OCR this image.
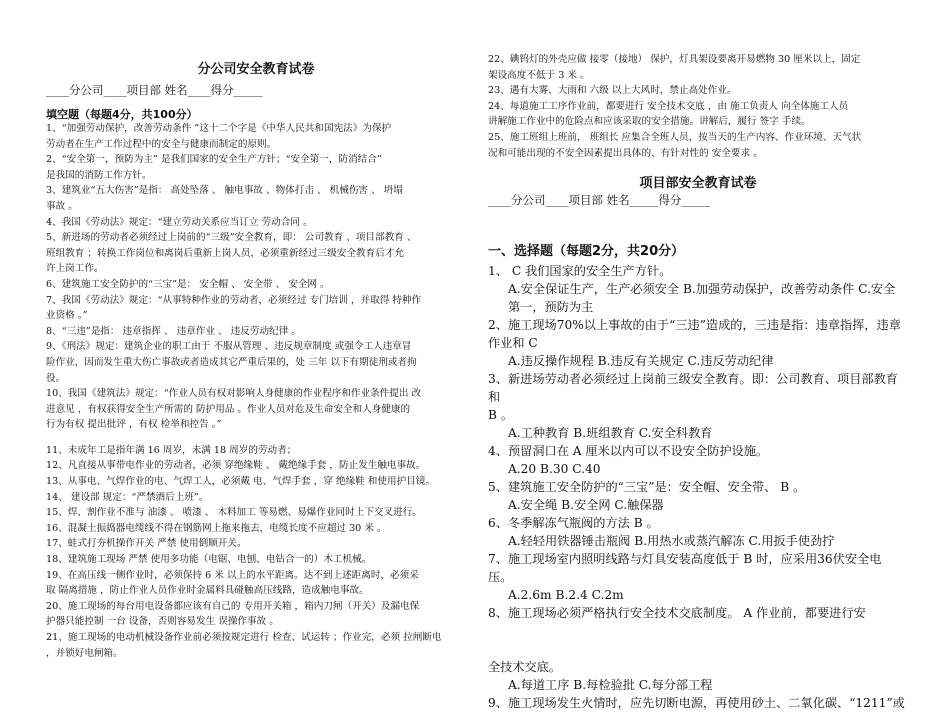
分公司安全教育试卷

____分公司____项目部 姓名____得分_____

填空题（每题4分，共100分）

1、“加强劳动保护，改善劳动条件 ”这十二个字是《中华人民共和国宪法》为保护

劳动者在生产工作过程中的安全与健康而制定的原则。

2、“安全第一，预防为主” 是我们国家的安全生产方针；“安全第一，防消结合”

是我国的消防工作方针。

3、建筑业“五大伤害”是指： 高处坠落 、 触电事故 、物体打击 、 机械伤害 、 坍塌

事故 。

4、我国《劳动法》规定：“建立劳动关系应当订立 劳动合同 。

5、新进场的劳动者必须经过上岗前的“三级”安全教育，即： 公司教育 、项目部教育 、

班组教育 ；转换工作岗位和离岗后重新上岗人员，必须重新经过三级安全教育后才允

许上岗工作。

6、建筑施工安全防护的“三宝”是： 安全帽 、 安全带 、 安全网 。

7、我国《劳动法》规定：“从事特种作业的劳动者，必须经过 专门培训 ，并取得 特种作

业资格 。”

8、“三违”是指： 违章指挥 、 违章作业 、 违反劳动纪律 。

9、《刑法》规定：建筑企业的职工由于 不服从管理 、违反规章制度 或强令工人违章冒

险作业，因而发生重大伤亡事故或者造成其它严重后果的，处 三年 以下有期徒刑或者拘

役。

10、我国《建筑法》规定：“作业人员有权对影响人身健康的作业程序和作业条件提出 改

进意见 ，有权获得安全生产所需的 防护用品 。作业人员对危及生命安全和人身健康的

行为有权 提出批评 ，有权 检举和控告 。”

11、未成年工是指年满 16 周岁，未满 18 周岁的劳动者；

12、凡直接从事带电作业的劳动者，必须 穿绝缘鞋 、 戴绝缘手套 ，防止发生触电事故。

13、从事电、气焊作业的电、气焊工人，必须戴 电、气焊手套 ，穿 绝缘鞋 和使用护目镜。

14、 建设部 规定：“严禁酒后上班”。

15、焊、割作业不准与 油漆 、 喷漆 、 木料加工 等易燃、易爆作业同时上下交叉进行。

16、混凝土振捣器电缆线不得在钢筋网上拖来拖去，电缆长度不应超过 30 米 。

17、蛙式打夯机操作开关 严禁 使用倒顺开关。

18、建筑施工现场 严禁 使用多功能（电锯、电刨、电钻合一的）木工机械。

19、在高压线一侧作业时，必须保持 6 米 以上的水平距离。达不到上述距离时，必须采

取 隔离措施 ，防止作业人员作业时金属料具碰触高压线路，造成触电事故。

20、施工现场的每台用电设备都应该有自己的 专用开关箱 ，箱内刀闸（开关）及漏电保

护器只能控制 一台 设备，否则容易发生 误操作事故 。

21、施工现场的电动机械设备作业前必须按规定进行 检查、试运转 ；作业完，必须 拉闸断电

，并锁好电闸箱。

22、碘钨灯的外壳应做 接零（接地） 保护，灯具架设要离开易燃物 30 厘米以上，固定

架设高度不低于 3 米 。

23、遇有大雾、大雨和 六级 以上大风时，禁止高处作业。

24、每道施工工序作业前，都要进行 安全技术交底 ，由 施工负责人 向全体施工人员

讲解施工作业中的危险点和应该采取的安全措施。讲解后，履行 签字 手续。

25、施工班组上班前， 班组长 应集合全班人员，按当天的生产内容、作业环境、天气状

况和可能出现的不安全因素提出具体的、有针对性的 安全要求 。

项目部安全教育试卷

____分公司____项目部 姓名_____得分_____

一、选择题（每题2分，共20分）

1、 C 我们国家的安全生产方针。

A.安全保证生产，生产必须安全 B.加强劳动保护，改善劳动条件 C.安全

第一，预防为主

2、施工现场70%以上事故的由于“三违”造成的，三违是指：违章指挥，违章

作业和 C

A.违反操作规程 B.违反有关规定 C.违反劳动纪律

3、新进场劳动者必须经过上岗前三级安全教育。即：公司教育、项目部教育和

B 。

A.工种教育 B.班组教育 C.安全科教育

4、预留洞口在 A 厘米以内可以不设安全防护设施。

A.20 B.30 C.40

5、建筑施工安全防护的“三宝”是：安全帽、安全带、 B 。

A.安全绳 B.安全网 C.触保器

6、冬季解冻气瓶阀的方法 B 。

A.轻轻用铁器锤击瓶阀 B.用热水或蒸汽解冻 C.用扳手使劲拧

7、施工现场室内照明线路与灯具安装高度低于 B 时，应采用36伏安全电

压。

A.2.6m B.2.4 C.2m

8、施工现场必须严格执行安全技术交底制度。 A 作业前，都要进行安

全技术交底。

A.每道工序 B.每检验批 C.每分部工程

9、施工现场发生火情时，应先切断电源，再使用砂土、二氧化碳、“1211”或
